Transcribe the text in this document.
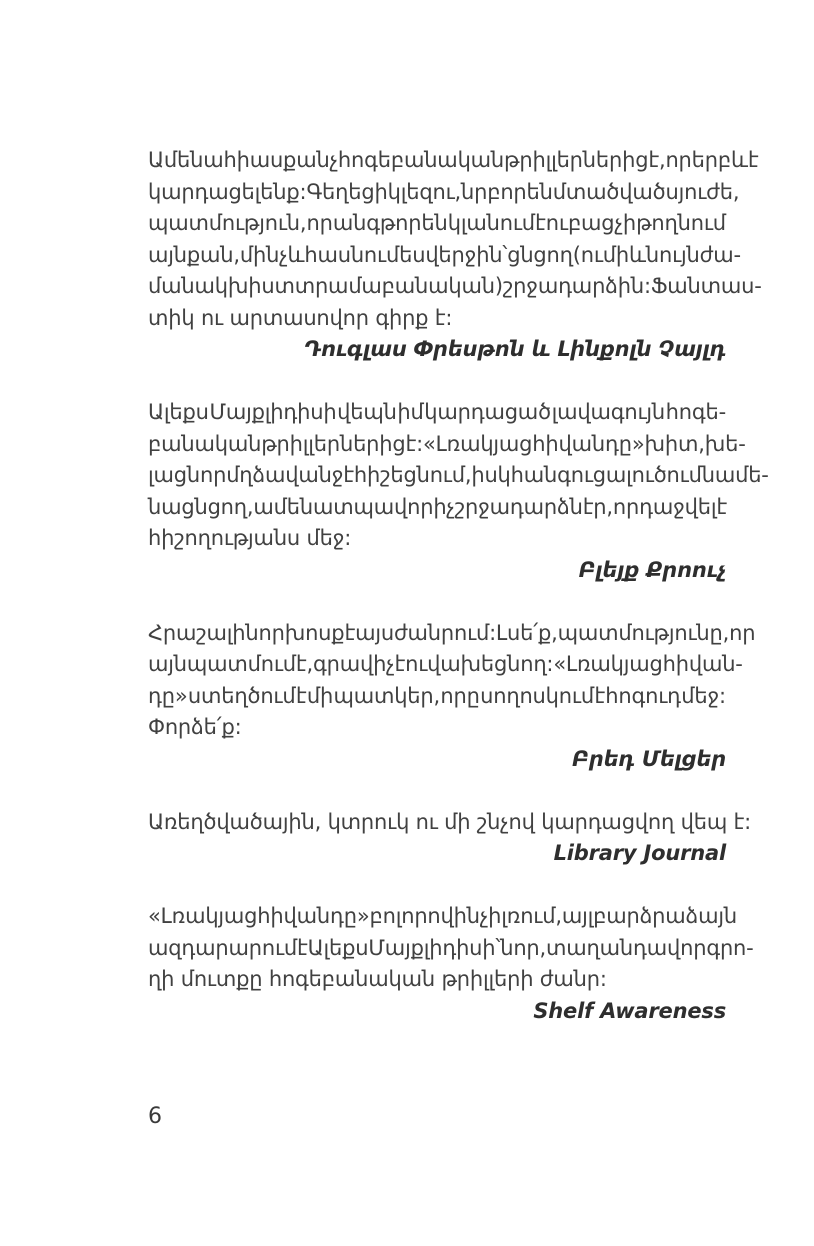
Ամենահիասքանչ հոգեբանական թրիլլերներից է, որ երբևէ
կարդացել ենք: Գեղեցիկ լեզու, նրբորեն մտածված սյուժե,
պատմություն, որ անգթորեն կլանում է ու բաց չի թողնում
այնքան, մինչև հասնում ես վերջին՝ ցնցող (ու միևնույն ժա-
մանակ խիստ տրամաբանական) շրջադարձին: Ֆանտաս-
տիկ ու արտասովոր գիրք է:
Դուգլաս Փրեսթոն և Լինքոլն Չայլդ
Ալեքս Մայքլիդիսի վեպն իմ կարդացած լավագույն հոգե-
բանական թրիլլերներից է: «Լռակյաց հիվանդը» խիտ, խե-
լացնոր մղձավանջ է հիշեցնում, իսկ հանգուցալուծումն ամե-
նացնցող, ամենատպավորիչ շրջադարձն էր, որ դաջվել է
հիշողությանս մեջ:
Բլեյք Քրոուչ
Հրաշալի նոր խոսք է այս ժանրում: Լսե՛ք, պատմությունը, որ
այն պատմում է, գրավիչ է ու վախեցնող: «Լռակյաց հիվան-
դը» ստեղծում է մի պատկեր, որը սողոսկում է հոգուդ մեջ:
Փորձե՛ք:
Բրեդ Մելցեր
Առեղծվածային, կտրուկ ու մի շնչով կարդացվող վեպ է:
Library Journal
«Լռակյաց հիվանդը» բոլորովին չի լռում, այլ բարձրաձայն
ազդարարում է Ալեքս Մայքլիդիսի՝ նոր, տաղանդավոր գրո-
ղի մուտքը հոգեբանական թրիլլերի ժանր:
Shelf Awareness
6
